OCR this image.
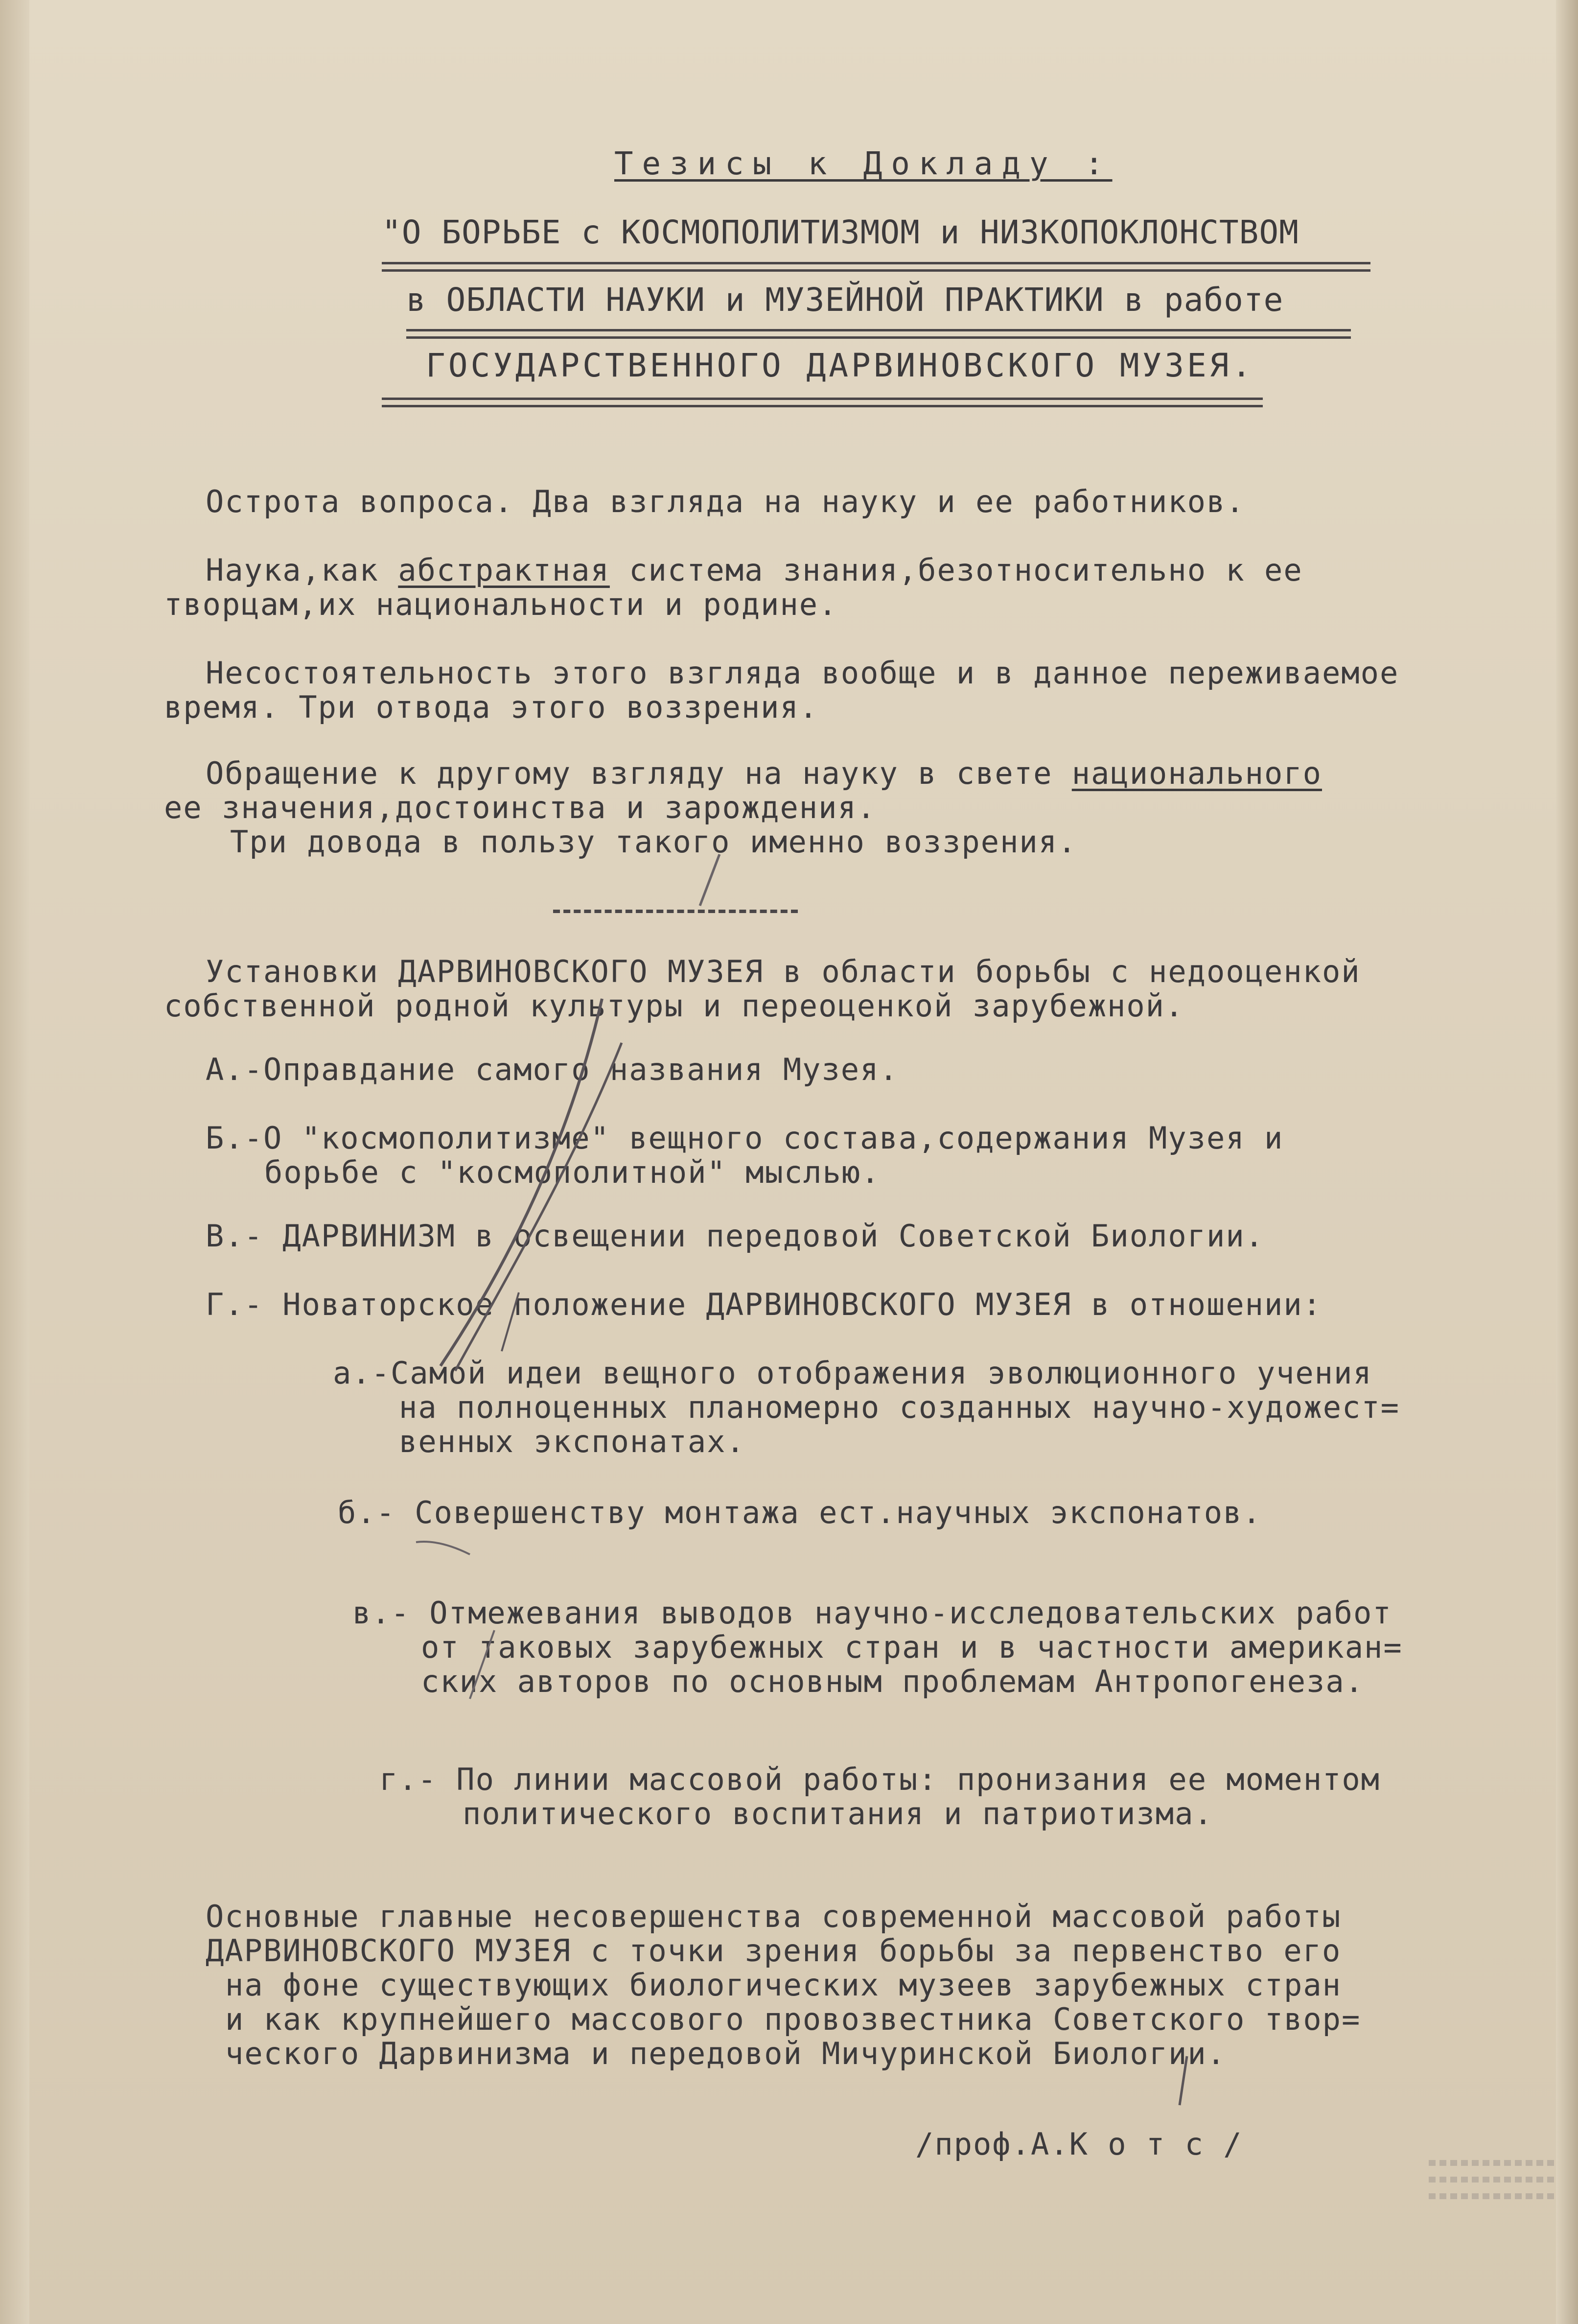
Тезисы к Докладу :

"О БОРЬБЕ с КОСМОПОЛИТИЗМОМ и НИЗКОПОКЛОНСТВОМ

в ОБЛАСТИ НАУКИ и МУЗЕЙНОЙ ПРАКТИКИ в работе

ГОСУДАРСТВЕННОГО ДАРВИНОВСКОГО МУЗЕЯ.

Острота вопроса. Два взгляда на науку и ее работников.

Наука,как абстрактная система знания,безотносительно к ее

творцам,их национальности и родине.

Несостоятельность этого взгляда вообще и в данное переживаемое

время. Три отвода этого воззрения.

Обращение к другому взгляду на науку в свете национального

ее значения,достоинства и зарождения.

Три довода в пользу такого именно воззрения.

Установки ДАРВИНОВСКОГО МУЗЕЯ в области борьбы с недооценкой

собственной родной культуры и переоценкой зарубежной.

А.-Оправдание самого названия Музея.

Б.-О "космополитизме" вещного состава,содержания Музея и

борьбе с "космополитной" мыслью.

В.- ДАРВИНИЗМ в освещении передовой Советской Биологии.

Г.- Новаторское положение ДАРВИНОВСКОГО МУЗЕЯ в отношении:

а.-Самой идеи вещного отображения эволюционного учения

на полноценных планомерно созданных научно-художест=

венных экспонатах.

б.- Совершенству монтажа ест.научных экспонатов.

в.- Отмежевания выводов научно-исследовательских работ

от таковых зарубежных стран и в частности американ=

ских авторов по основным проблемам Антропогенеза.

г.- По линии массовой работы: пронизания ее моментом

политического воспитания и патриотизма.

Основные главные несовершенства современной массовой работы

ДАРВИНОВСКОГО МУЗЕЯ с точки зрения борьбы за первенство его

на фоне существующих биологических музеев зарубежных стран

и как крупнейшего массового провозвестника Советского твор=

ческого Дарвинизма и передовой Мичуринской Биологии.

/проф.А.К о т с /
